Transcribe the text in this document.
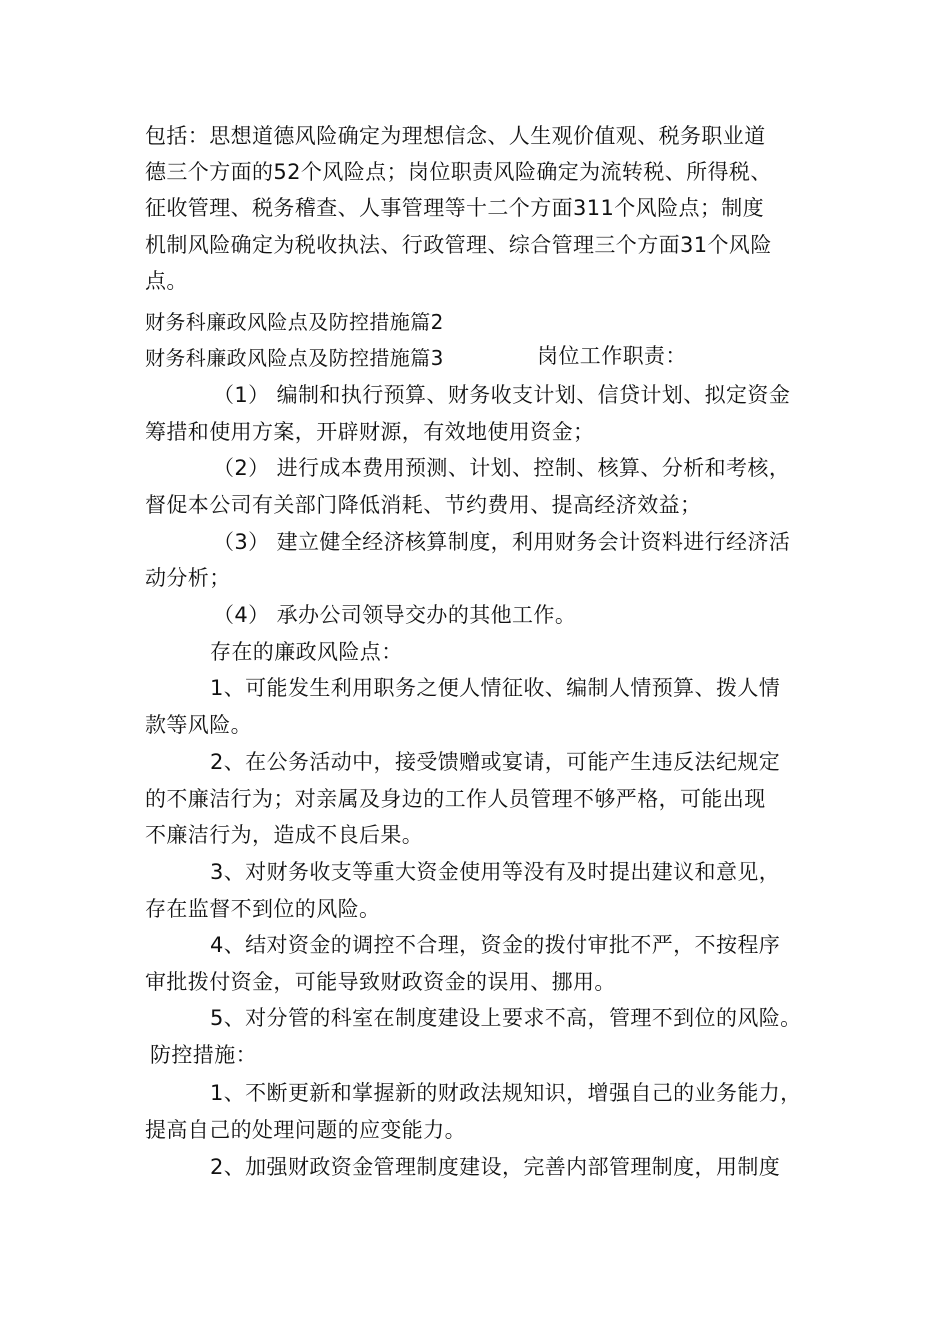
包括：思想道德风险确定为理想信念、人生观价值观、税务职业道
德三个方面的52个风险点；岗位职责风险确定为流转税、所得税、
征收管理、税务稽查、人事管理等十二个方面311个风险点；制度
机制风险确定为税收执法、行政管理、综合管理三个方面31个风险
点。
财务科廉政风险点及防控措施篇2
财务科廉政风险点及防控措施篇3	岗位工作职责：
（1） 编制和执行预算、财务收支计划、信贷计划、拟定资金
筹措和使用方案，开辟财源，有效地使用资金；
（2） 进行成本费用预测、计划、控制、核算、分析和考核，
督促本公司有关部门降低消耗、节约费用、提高经济效益；
（3） 建立健全经济核算制度，利用财务会计资料进行经济活
动分析；
（4） 承办公司领导交办的其他工作。
存在的廉政风险点：
1、可能发生利用职务之便人情征收、编制人情预算、拨人情
款等风险。
2、在公务活动中，接受馈赠或宴请，可能产生违反法纪规定
的不廉洁行为；对亲属及身边的工作人员管理不够严格，可能出现
不廉洁行为，造成不良后果。
3、对财务收支等重大资金使用等没有及时提出建议和意见，
存在监督不到位的风险。
4、结对资金的调控不合理，资金的拨付审批不严，不按程序
审批拨付资金，可能导致财政资金的误用、挪用。
5、对分管的科室在制度建设上要求不高，管理不到位的风险。
防控措施：
1、不断更新和掌握新的财政法规知识，增强自己的业务能力，
提高自己的处理问题的应变能力。
2、加强财政资金管理制度建设，完善内部管理制度，用制度
